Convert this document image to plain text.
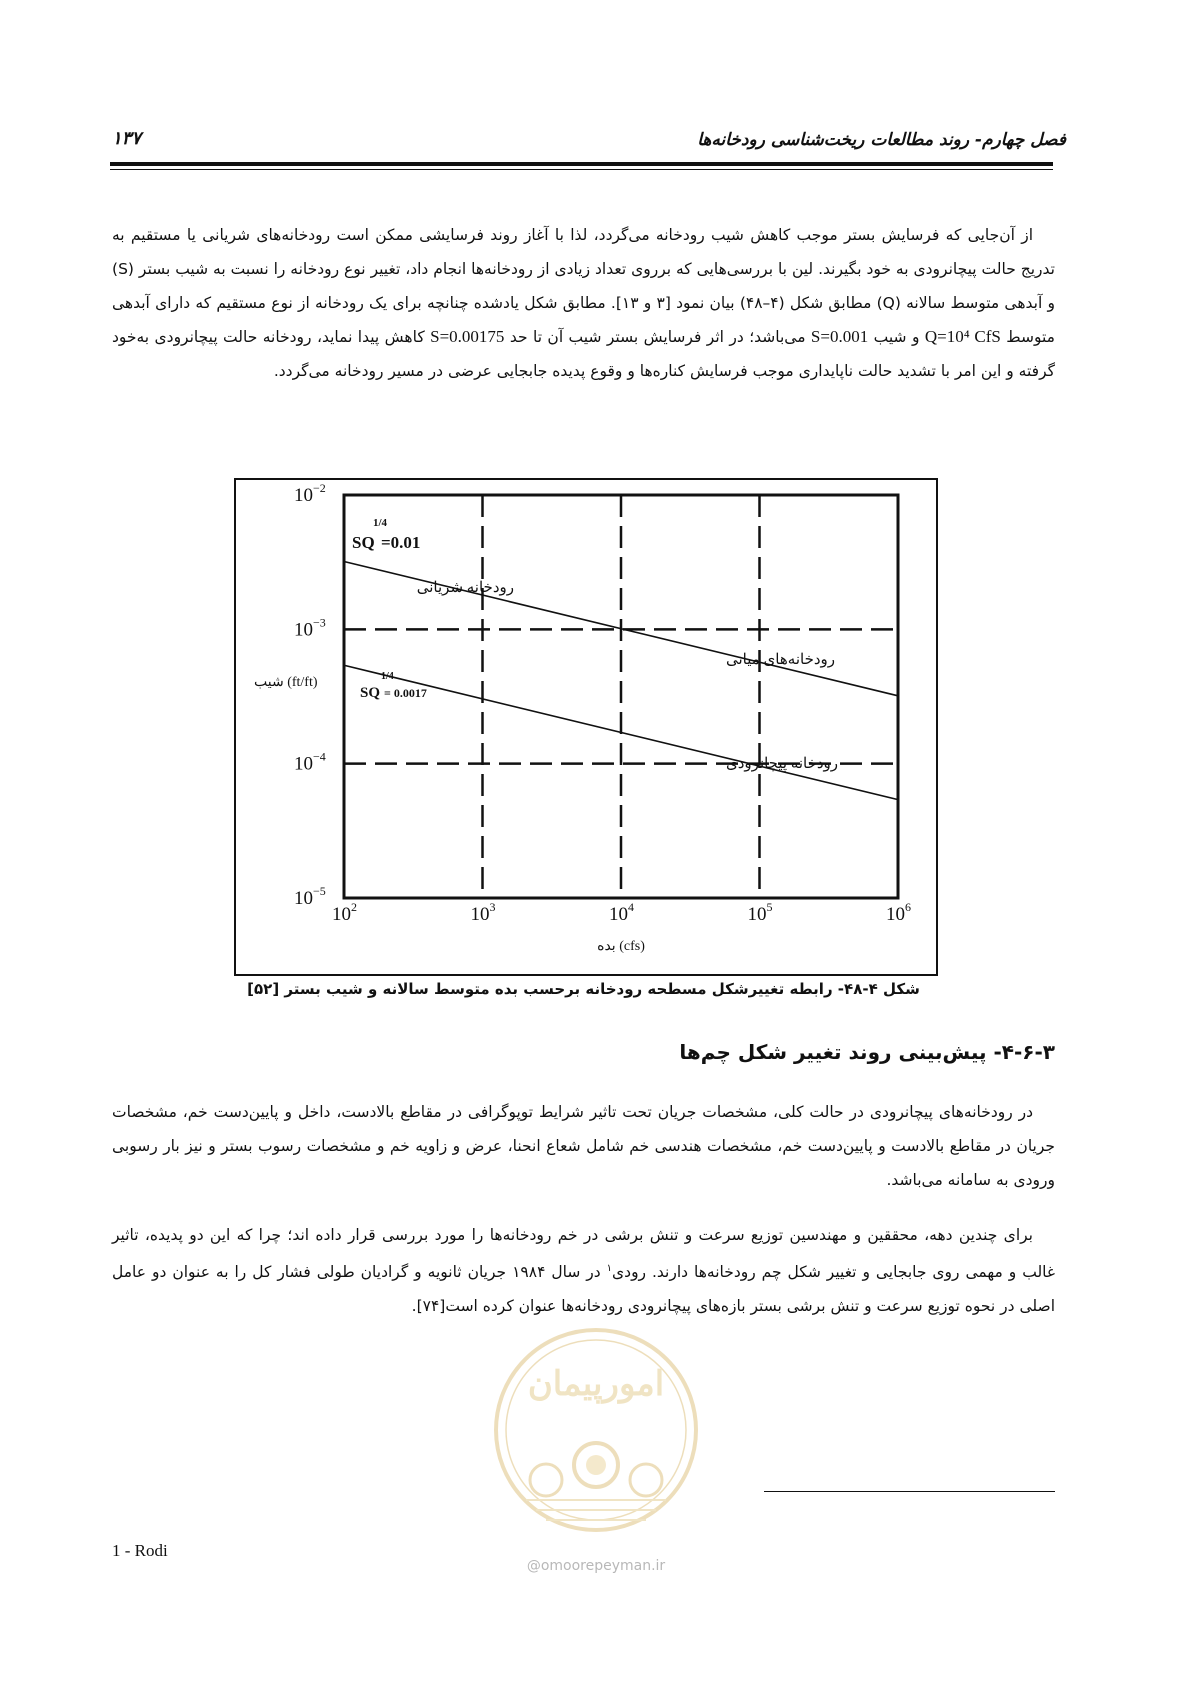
فصل چهارم- روند مطالعات ریخت‌شناسی رودخانه‌ها
۱۳۷
از آن‌جایی که فرسایش بستر موجب کاهش شیب رودخانه می‌گردد، لذا با آغاز روند فرسایشی ممکن است رودخانه‌های شریانی یا مستقیم به تدریج حالت پیچانرودی به خود بگیرند. لین با بررسی‌هایی که برروی تعداد زیادی از رودخانه‌ها انجام داد، تغییر نوع رودخانه را نسبت به شیب بستر (S) و آبدهی متوسط سالانه (Q) مطابق شکل (۴–۴۸) بیان نمود [۳ و ۱۳]. مطابق شکل یادشده چنانچه برای یک رودخانه از نوع مستقیم که دارای آبدهی متوسط Q=10⁴ CfS و شیب S=0.001 می‌باشد؛ در اثر فرسایش بستر شیب آن تا حد S=0.00175 کاهش پیدا نماید، رودخانه حالت پیچانرودی به‌خود گرفته و این امر با تشدید حالت ناپایداری موجب فرسایش کناره‌ها و وقوع پدیده جابجایی عرضی در مسیر رودخانه می‌گردد.
$10^2$	$10^3$	$10^4$	$10^5$	$10^6$
$10^{-2}$
$10^{-3}$
$10^{-4}$
$10^{-5}$
1/4
SQ =0.01
1/4
SQ = 0.0017
رودخانه شریانی
رودخانه‌های میانی
رودخانه پیچانرودی
شیب (ft/ft)
بده (cfs)
شکل ۴-۴۸- رابطه تغییرشکل مسطحه رودخانه برحسب بده متوسط سالانه و شیب بستر [۵۲]
۴-۶-۳- پیش‌بینی روند تغییر شکل چم‌ها
در رودخانه‌های پیچانرودی در حالت کلی، مشخصات جریان تحت تاثیر شرایط توپوگرافی در مقاطع بالادست، داخل و پایین‌دست خم، مشخصات جریان در مقاطع بالادست و پایین‌دست خم، مشخصات هندسی خم شامل شعاع انحنا، عرض و زاویه خم و مشخصات رسوب بستر و نیز بار رسوبی ورودی به سامانه می‌باشد.
برای چندین دهه، محققین و مهندسین توزیع سرعت و تنش برشی در خم رودخانه‌ها را مورد بررسی قرار داده اند؛ چرا که این دو پدیده، تاثیر غالب و مهمی روی جابجایی و تغییر شکل چم رودخانه‌ها دارند. رودی$^۱$ در سال ۱۹۸۴ جریان ثانویه و گرادیان طولی فشار کل را به عنوان دو عامل اصلی در نحوه توزیع سرعت و تنش برشی بستر بازه‌های پیچانرودی رودخانه‌ها عنوان کرده است[۷۴].
امورپیمان
@omoorepeyman.ir
1 - Rodi
